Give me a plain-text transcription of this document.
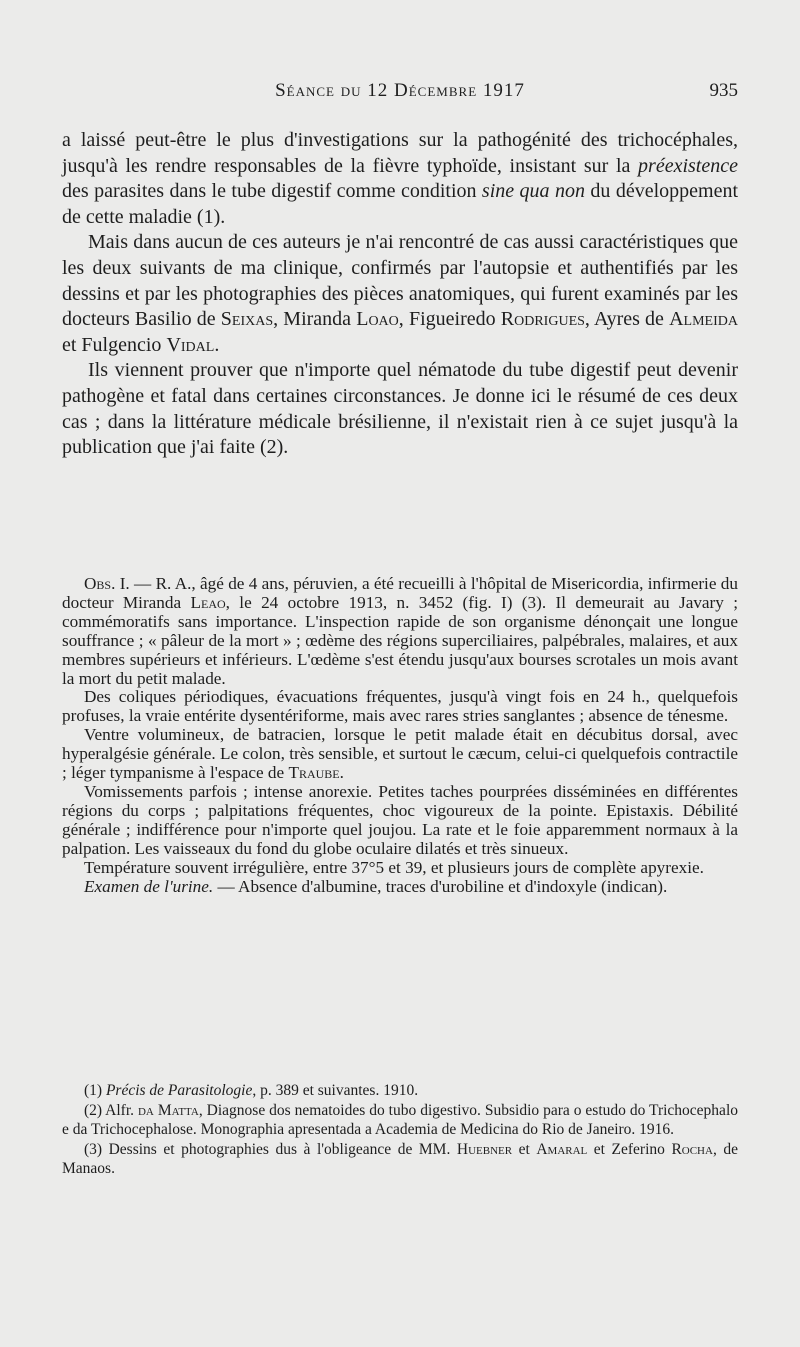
Séance du 12 Décembre 1917	935

a laissé peut-être le plus d'investigations sur la pathogénité des trichocéphales, jusqu'à les rendre responsables de la fièvre typhoïde, insistant sur la préexistence des parasites dans le tube digestif comme condition sine qua non du développement de cette maladie (1).

Mais dans aucun de ces auteurs je n'ai rencontré de cas aussi caractéristiques que les deux suivants de ma clinique, confirmés par l'autopsie et authentifiés par les dessins et par les photographies des pièces anatomiques, qui furent examinés par les docteurs Basilio de Seixas, Miranda Loao, Figueiredo Rodrigues, Ayres de Almeida et Fulgencio Vidal.

Ils viennent prouver que n'importe quel nématode du tube digestif peut devenir pathogène et fatal dans certaines circonstances. Je donne ici le résumé de ces deux cas ; dans la littérature médicale brésilienne, il n'existait rien à ce sujet jusqu'à la publication que j'ai faite (2).

Obs. I. — R. A., âgé de 4 ans, péruvien, a été recueilli à l'hôpital de Misericordia, infirmerie du docteur Miranda Leao, le 24 octobre 1913, n. 3452 (fig. I) (3). Il demeurait au Javary ; commémoratifs sans importance. L'inspection rapide de son organisme dénonçait une longue souffrance ; « pâleur de la mort » ; œdème des régions superciliaires, palpébrales, malaires, et aux membres supérieurs et inférieurs. L'œdème s'est étendu jusqu'aux bourses scrotales un mois avant la mort du petit malade.

Des coliques périodiques, évacuations fréquentes, jusqu'à vingt fois en 24 h., quelquefois profuses, la vraie entérite dysentériforme, mais avec rares stries sanglantes ; absence de ténesme.

Ventre volumineux, de batracien, lorsque le petit malade était en décubitus dorsal, avec hyperalgésie générale. Le colon, très sensible, et surtout le cæcum, celui-ci quelquefois contractile ; léger tympanisme à l'espace de Traube.

Vomissements parfois ; intense anorexie. Petites taches pourprées disséminées en différentes régions du corps ; palpitations fréquentes, choc vigoureux de la pointe. Epistaxis. Débilité générale ; indifférence pour n'importe quel joujou. La rate et le foie apparemment normaux à la palpation. Les vaisseaux du fond du globe oculaire dilatés et très sinueux.

Température souvent irrégulière, entre 37°5 et 39, et plusieurs jours de complète apyrexie.

Examen de l'urine. — Absence d'albumine, traces d'urobiline et d'indoxyle (indican).

(1) Précis de Parasitologie, p. 389 et suivantes. 1910.

(2) Alfr. da Matta, Diagnose dos nematoides do tubo digestivo. Subsidio para o estudo do Trichocephalo e da Trichocephalose. Monographia apresentada a Academia de Medicina do Rio de Janeiro. 1916.

(3) Dessins et photographies dus à l'obligeance de MM. Huebner et Amaral et Zeferino Rocha, de Manaos.
